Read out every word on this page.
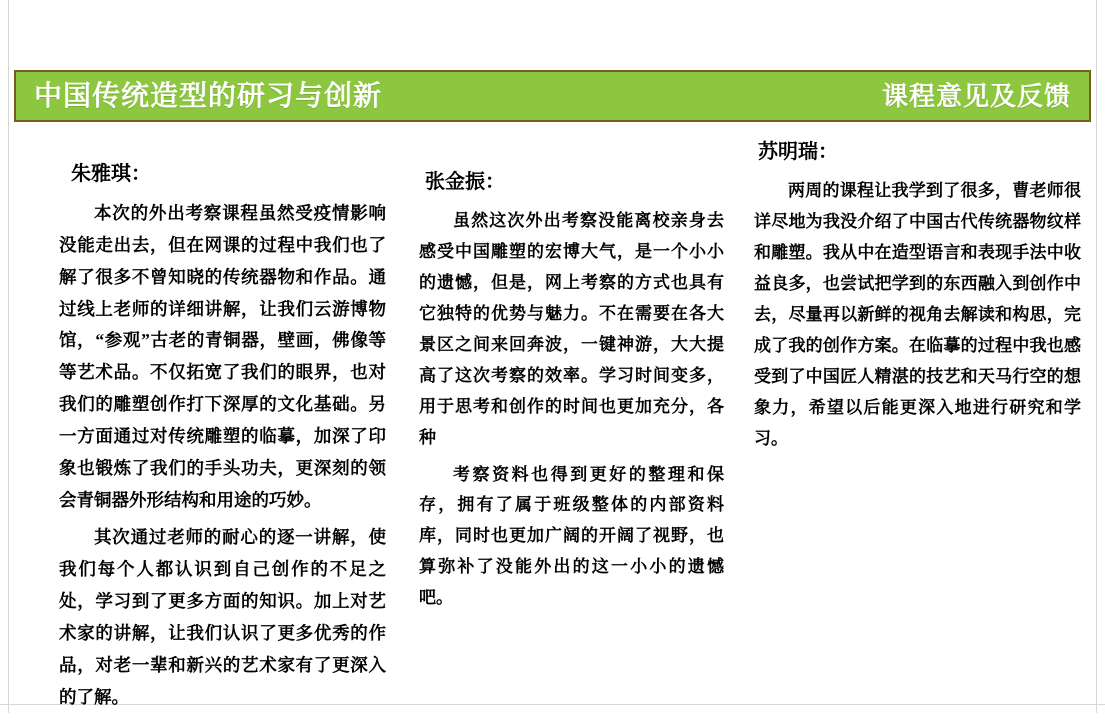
中国传统造型的研习与创新	课程意见及反馈
朱雅琪：

本次的外出考察课程虽然受疫情影响没能走出去，但在网课的过程中我们也了解了很多不曾知晓的传统器物和作品。通过线上老师的详细讲解，让我们云游博物馆，“参观”古老的青铜器，壁画，佛像等等艺术品。不仅拓宽了我们的眼界，也对我们的雕塑创作打下深厚的文化基础。另一方面通过对传统雕塑的临摹，加深了印象也锻炼了我们的手头功夫，更深刻的领会青铜器外形结构和用途的巧妙。

其次通过老师的耐心的逐一讲解，使我们每个人都认识到自己创作的不足之处，学习到了更多方面的知识。加上对艺术家的讲解，让我们认识了更多优秀的作品，对老一辈和新兴的艺术家有了更深入的了解。

张金振：

虽然这次外出考察没能离校亲身去感受中国雕塑的宏博大气，是一个小小的遗憾，但是，网上考察的方式也具有它独特的优势与魅力。不在需要在各大景区之间来回奔波，一键神游，大大提高了这次考察的效率。学习时间变多，用于思考和创作的时间也更加充分，各种

考察资料也得到更好的整理和保存，拥有了属于班级整体的内部资料库，同时也更加广阔的开阔了视野，也算弥补了没能外出的这一小小的遗憾吧。

苏明瑞：

两周的课程让我学到了很多，曹老师很详尽地为我没介绍了中国古代传统器物纹样和雕塑。我从中在造型语言和表现手法中收益良多，也尝试把学到的东西融入到创作中去，尽量再以新鲜的视角去解读和构思，完成了我的创作方案。在临摹的过程中我也感受到了中国匠人精湛的技艺和天马行空的想象力，希望以后能更深入地进行研究和学习。
